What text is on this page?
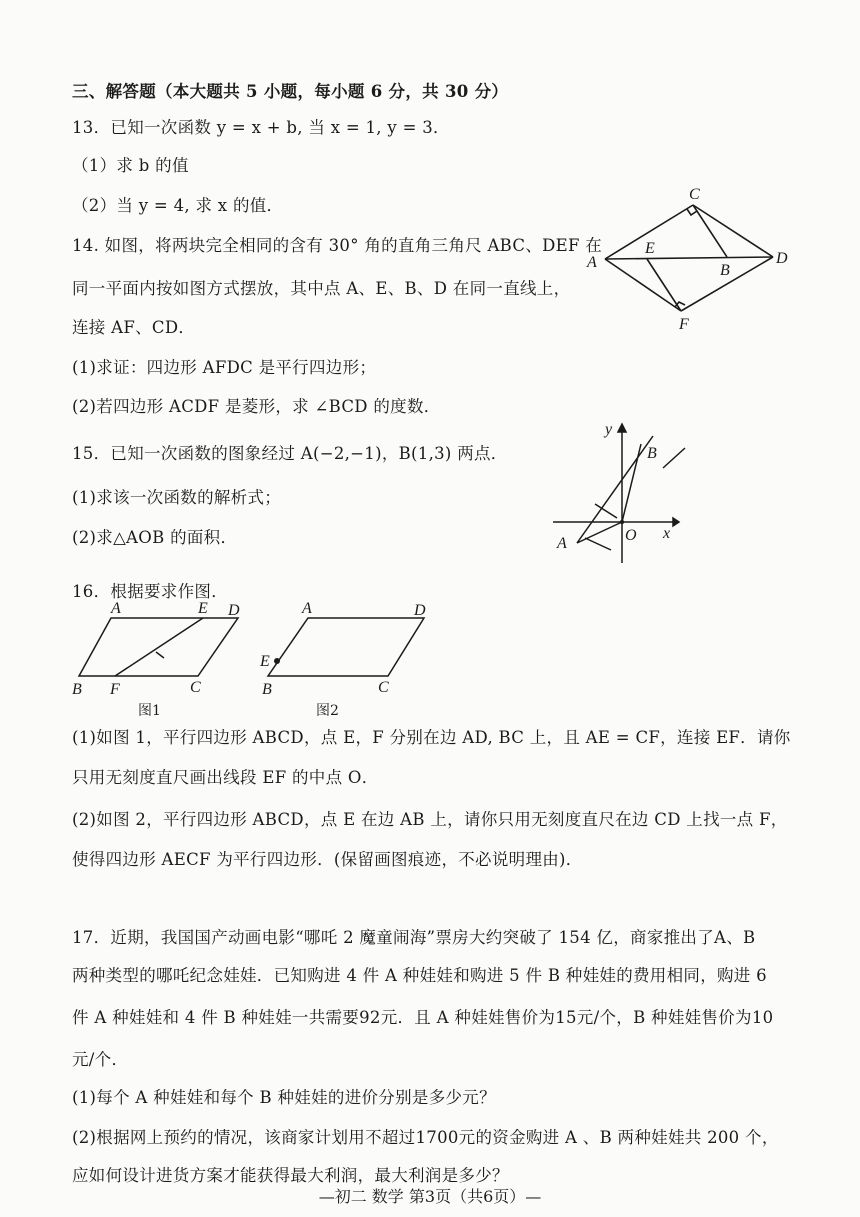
三、解答题（本大题共 5 小题，每小题 6 分，共 30 分）
13．已知一次函数 y = x + b, 当 x = 1, y = 3．
（1）求 b 的值
（2）当 y = 4, 求 x 的值．
14. 如图，将两块完全相同的含有 30° 角的直角三角尺 ABC、DEF 在
同一平面内按如图方式摆放，其中点 A、E、B、D 在同一直线上，
连接 AF、CD．
(1)求证：四边形 AFDC 是平行四边形；
(2)若四边形 ACDF 是菱形，求 ∠BCD 的度数．
C
E
A	B
D
F
15．已知一次函数的图象经过 A(−2,−1)，B(1,3) 两点．
(1)求该一次函数的解析式；
(2)求△AOB 的面积．
y
B
A	O x
16．根据要求作图．
A	E D
B F	C
图1
A	D
E
B	C
图2
(1)如图 1，平行四边形 ABCD，点 E，F 分别在边 AD, BC 上，且 AE = CF，连接 EF．请你
只用无刻度直尺画出线段 EF 的中点 O．
(2)如图 2，平行四边形 ABCD，点 E 在边 AB 上，请你只用无刻度直尺在边 CD 上找一点 F，
使得四边形 AECF 为平行四边形．(保留画图痕迹，不必说明理由)．
17．近期，我国国产动画电影“哪吒 2 魔童闹海”票房大约突破了 154 亿，商家推出了A、B
两种类型的哪吒纪念娃娃．已知购进 4 件 A 种娃娃和购进 5 件 B 种娃娃的费用相同，购进 6
件 A 种娃娃和 4 件 B 种娃娃一共需要92元．且 A 种娃娃售价为15元/个，B 种娃娃售价为10
元/个．
(1)每个 A 种娃娃和每个 B 种娃娃的进价分别是多少元？
(2)根据网上预约的情况，该商家计划用不超过1700元的资金购进 A 、B 两种娃娃共 200 个，
应如何设计进货方案才能获得最大利润，最大利润是多少？
—初二 数学 第3页（共6页）—
